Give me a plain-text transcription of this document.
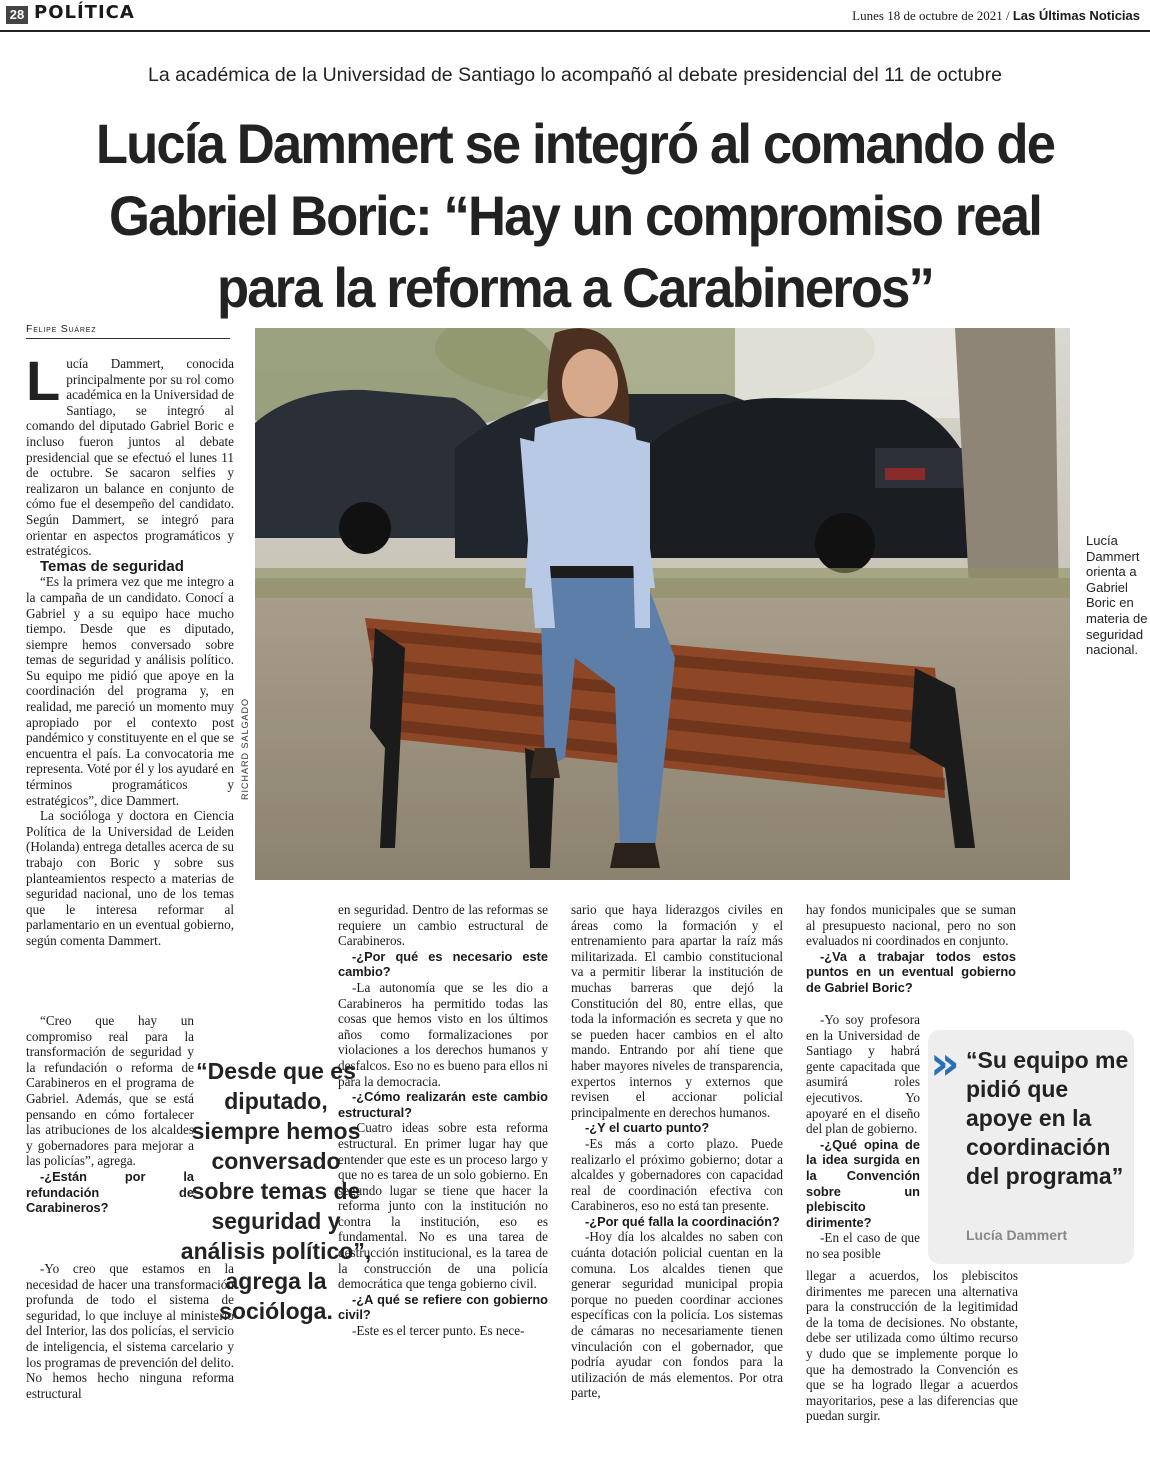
28 POLÍTICA	Lunes 18 de octubre de 2021 / Las Últimas Noticias
La académica de la Universidad de Santiago lo acompañó al debate presidencial del 11 de octubre
Lucía Dammert se integró al comando de
Gabriel Boric: “Hay un compromiso real
para la reforma a Carabineros”
Felipe Suárez

Lucía Dammert, conocida principalmente por su rol como académica en la Universidad de Santiago, se integró al comando del diputado Gabriel Boric e incluso fueron juntos al debate presidencial que se efectuó el lunes 11 de octubre. Se sacaron selfies y realizaron un balance en conjunto de cómo fue el desempeño del candidato. Según Dammert, se integró para orientar en aspectos programáticos y estratégicos.

Temas de seguridad

“Es la primera vez que me integro a la campaña de un candidato. Conocí a Gabriel y a su equipo hace mucho tiempo. Desde que es diputado, siempre hemos conversado sobre temas de seguridad y análisis político. Su equipo me pidió que apoye en la coordinación del programa y, en realidad, me pareció un momento muy apropiado por el contexto post pandémico y constituyente en el que se encuentra el país. La convocatoria me representa. Voté por él y los ayudaré en términos programáticos y estratégicos”, dice Dammert.

La socióloga y doctora en Ciencia Política de la Universidad de Leiden (Holanda) entrega detalles acerca de su trabajo con Boric y sobre sus planteamientos respecto a materias de seguridad nacional, uno de los temas que le interesa reformar al parlamentario en un eventual gobierno, según comenta Dammert.

“Creo que hay un compromiso real para la transformación de seguridad y la refundación o reforma de Carabineros en el programa de Gabriel. Además, que se está pensando en cómo fortalecer las atribuciones de los alcaldes y gobernadores para mejorar a las policías”, agrega.

-¿Están por la refundación de Carabineros?

-Yo creo que estamos en la necesidad de hacer una transformación profunda de todo el sistema de seguridad, lo que incluye al ministerio del Interior, las dos policías, el servicio de inteligencia, el sistema carcelario y los programas de prevención del delito. No hemos hecho ninguna reforma estructural

RICHARD SALGADO
Lucía Dammert orienta a Gabriel Boric en materia de seguridad nacional.
“Desde que es diputado, siempre hemos conversado sobre temas de seguridad y análisis político”, agrega la socióloga.

en seguridad. Dentro de las reformas se requiere un cambio estructural de Carabineros.

-¿Por qué es necesario este cambio?

-La autonomía que se les dio a Carabineros ha permitido todas las cosas que hemos visto en los últimos años como formalizaciones por violaciones a los derechos humanos y desfalcos. Eso no es bueno para ellos ni para la democracia.

-¿Cómo realizarán este cambio estructural?

-Cuatro ideas sobre esta reforma estructural. En primer lugar hay que entender que este es un proceso largo y que no es tarea de un solo gobierno. En segundo lugar se tiene que hacer la reforma junto con la institución no contra la institución, eso es fundamental. No es una tarea de destrucción institucional, es la tarea de la construcción de una policía democrática que tenga gobierno civil.

-¿A qué se refiere con gobierno civil?

-Este es el tercer punto. Es nece-

sario que haya liderazgos civiles en áreas como la formación y el entrenamiento para apartar la raíz más militarizada. El cambio constitucional va a permitir liberar la institución de muchas barreras que dejó la Constitución del 80, entre ellas, que toda la información es secreta y que no se pueden hacer cambios en el alto mando. Entrando por ahí tiene que haber mayores niveles de transparencia, expertos internos y externos que revisen el accionar policial principalmente en derechos humanos.

-¿Y el cuarto punto?

-Es más a corto plazo. Puede realizarlo el próximo gobierno; dotar a alcaldes y gobernadores con capacidad real de coordinación efectiva con Carabineros, eso no está tan presente.

-¿Por qué falla la coordinación?

-Hoy día los alcaldes no saben con cuánta dotación policial cuentan en la comuna. Los alcaldes tienen que generar seguridad municipal propia porque no pueden coordinar acciones específicas con la policía. Los sistemas de cámaras no necesariamente tienen vinculación con el gobernador, que podría ayudar con fondos para la utilización de más elementos. Por otra parte,

hay fondos municipales que se suman al presupuesto nacional, pero no son evaluados ni coordinados en conjunto.

-¿Va a trabajar todos estos puntos en un eventual gobierno de Gabriel Boric?

-Yo soy profesora en la Universidad de Santiago y habrá gente capacitada que asumirá roles ejecutivos. Yo apoyaré en el diseño del plan de gobierno.

-¿Qué opina de la idea surgida en la Convención sobre un plebiscito dirimente?

-En el caso de que no sea posible

llegar a acuerdos, los plebiscitos dirimentes me parecen una alternativa para la construcción de la legitimidad de la toma de decisiones. No obstante, debe ser utilizada como último recurso y dudo que se implemente porque lo que ha demostrado la Convención es que se ha logrado llegar a acuerdos mayoritarios, pese a las diferencias que puedan surgir.

» “Su equipo me pidió que apoye en la coordinación del programa”
Lucía Dammert
